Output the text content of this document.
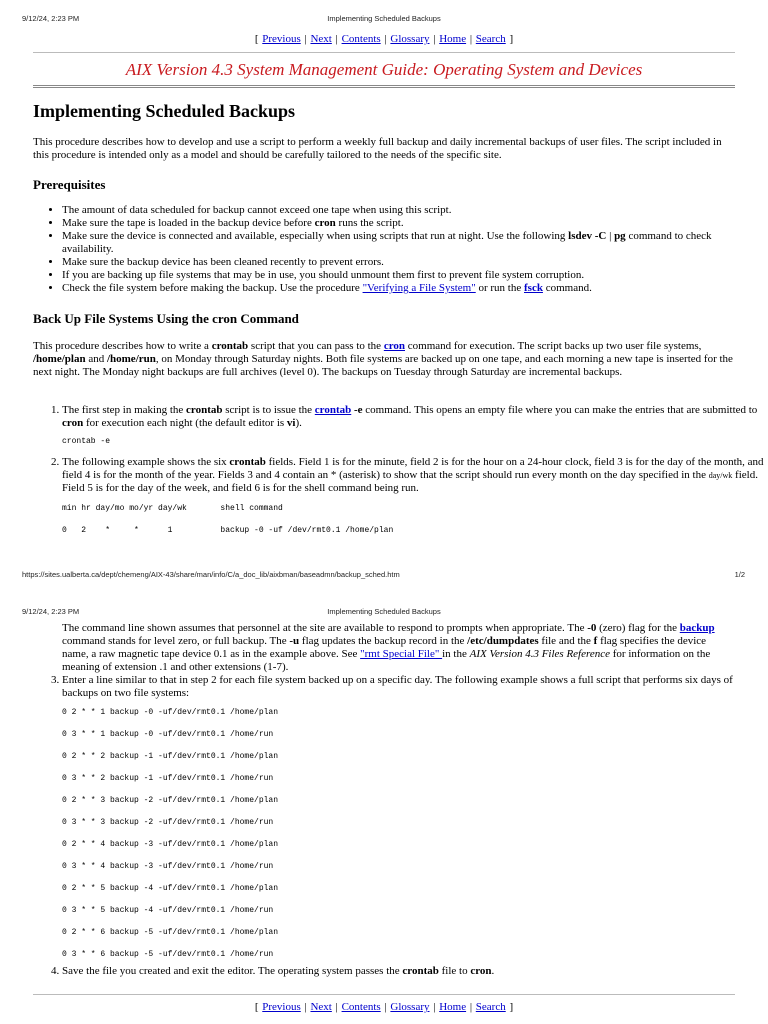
9/12/24, 2:23 PM	Implementing Scheduled Backups
[ Previous | Next | Contents | Glossary | Home | Search ]
AIX Version 4.3 System Management Guide: Operating System and Devices
Implementing Scheduled Backups

This procedure describes how to develop and use a script to perform a weekly full backup and daily incremental backups of user files. The script included in this procedure is intended only as a model and should be carefully tailored to the needs of the specific site.

Prerequisites
• The amount of data scheduled for backup cannot exceed one tape when using this script.
• Make sure the tape is loaded in the backup device before cron runs the script.
• Make sure the device is connected and available, especially when using scripts that run at night. Use the following lsdev -C | pg command to check availability.
• Make sure the backup device has been cleaned recently to prevent errors.
• If you are backing up file systems that may be in use, you should unmount them first to prevent file system corruption.
• Check the file system before making the backup. Use the procedure "Verifying a File System" or run the fsck command.
Back Up File Systems Using the cron Command

This procedure describes how to write a crontab script that you can pass to the cron command for execution. The script backs up two user file systems, /home/plan and /home/run, on Monday through Saturday nights. Both file systems are backed up on one tape, and each morning a new tape is inserted for the next night. The Monday night backups are full archives (level 0). The backups on Tuesday through Saturday are incremental backups.

1. The first step in making the crontab script is to issue the crontab -e command. This opens an empty file where you can make the entries that are submitted to cron for execution each night (the default editor is vi).
crontab -e
2. The following example shows the six crontab fields. Field 1 is for the minute, field 2 is for the hour on a 24-hour clock, field 3 is for the day of the month, and field 4 is for the month of the year. Fields 3 and 4 contain an * (asterisk) to show that the script should run every month on the day specified in the day/wk field. Field 5 is for the day of the week, and field 6 is for the shell command being run.
min hr day/mo mo/yr day/wk       shell command
0   2    *     *      1          backup -0 -uf /dev/rmt0.1 /home/plan
https://sites.ualberta.ca/dept/chemeng/AIX-43/share/man/info/C/a_doc_lib/aixbman/baseadmn/backup_sched.htm	1/2
9/12/24, 2:23 PM	Implementing Scheduled Backups
The command line shown assumes that personnel at the site are available to respond to prompts when appropriate. The -0 (zero) flag for the backup command stands for level zero, or full backup. The -u flag updates the backup record in the /etc/dumpdates file and the f flag specifies the device name, a raw magnetic tape device 0.1 as in the example above. See "rmt Special File" in the AIX Version 4.3 Files Reference for information on the meaning of extension .1 and other extensions (1-7).
3. Enter a line similar to that in step 2 for each file system backed up on a specific day. The following example shows a full script that performs six days of backups on two file systems:
0 2 * * 1 backup -0 -uf/dev/rmt0.1 /home/plan
0 3 * * 1 backup -0 -uf/dev/rmt0.1 /home/run
0 2 * * 2 backup -1 -uf/dev/rmt0.1 /home/plan
0 3 * * 2 backup -1 -uf/dev/rmt0.1 /home/run
0 2 * * 3 backup -2 -uf/dev/rmt0.1 /home/plan
0 3 * * 3 backup -2 -uf/dev/rmt0.1 /home/run
0 2 * * 4 backup -3 -uf/dev/rmt0.1 /home/plan
0 3 * * 4 backup -3 -uf/dev/rmt0.1 /home/run
0 2 * * 5 backup -4 -uf/dev/rmt0.1 /home/plan
0 3 * * 5 backup -4 -uf/dev/rmt0.1 /home/run
0 2 * * 6 backup -5 -uf/dev/rmt0.1 /home/plan
0 3 * * 6 backup -5 -uf/dev/rmt0.1 /home/run
4. Save the file you created and exit the editor. The operating system passes the crontab file to cron.
[ Previous | Next | Contents | Glossary | Home | Search ]
